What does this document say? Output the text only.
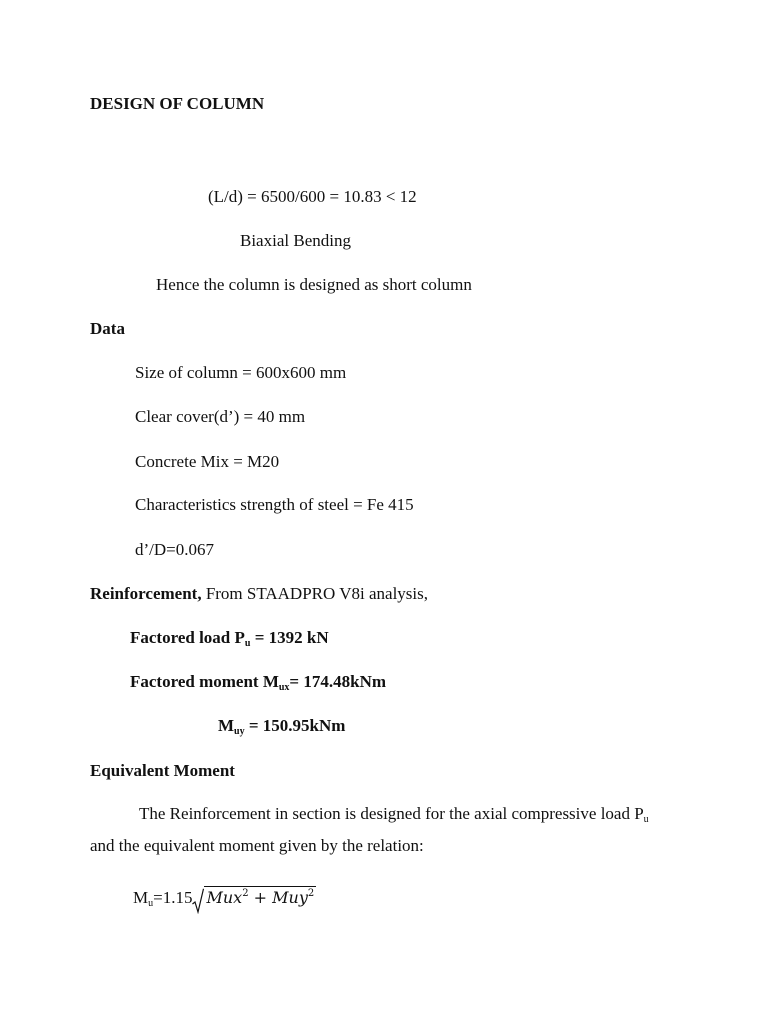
DESIGN OF COLUMN
(L/d) = 6500/600 = 10.83 < 12
Biaxial Bending
Hence the column is designed as short column
Data
Size of column = 600x600 mm
Clear cover(d’) = 40 mm
Concrete Mix = M20
Characteristics strength of steel = Fe 415
d’/D=0.067
Reinforcement, From STAADPRO V8i analysis,
Factored load $P_u = 1392$ kN
Factored moment $M_{ux}= 174.48kNm$
$M_{uy} = 150.95kNm$
Equivalent Moment
The Reinforcement in section is designed for the axial compressive load $P_u$
and the equivalent moment given by the relation:
$M_u=1.15$ Mux$^2$ + Muy$^2$
